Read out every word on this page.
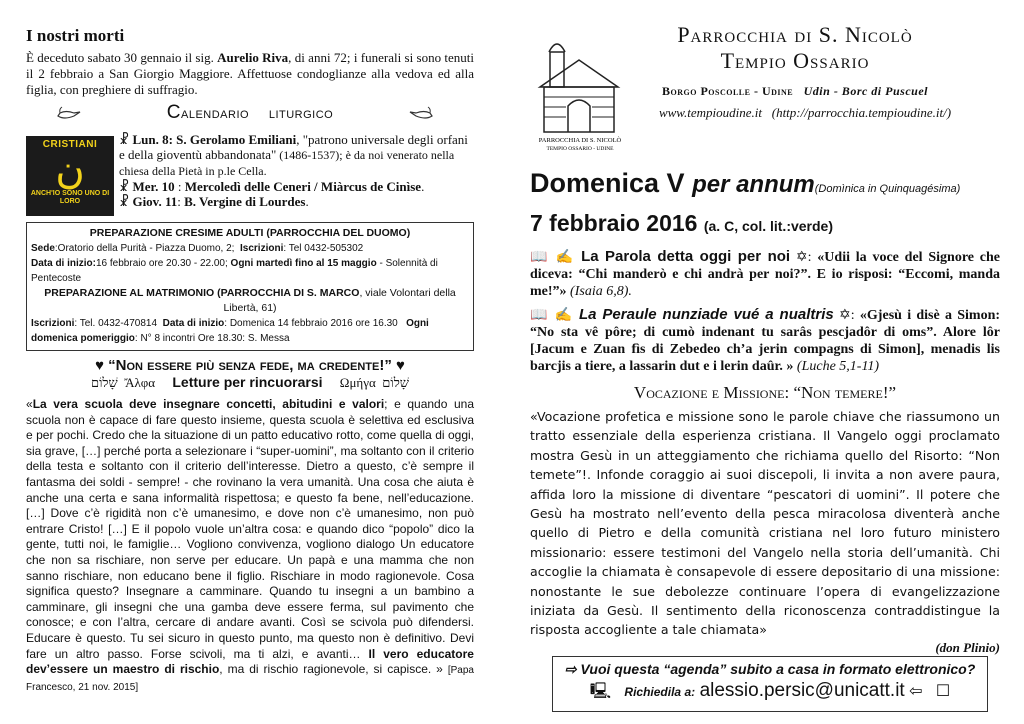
I nostri morti

È deceduto sabato 30 gennaio il sig. Aurelio Riva, di anni 72; i funerali si sono tenuti il 2 febbraio a San Giorgio Maggiore. Affettuose condoglianze alla vedova ed alla figlia, con preghiere di suffragio.

Calendario liturgico
CRISTIANI
ن
ANCH'IO SONO UNO DI LORO

☧ Lun. 8: S. Gerolamo Emiliani, "patrono universale degli orfani e della gioventù abbandonata" (1486-1537); è da noi venerato nella chiesa della Pietà in p.le Cella.

☧ Mer. 10 : Mercoledì delle Ceneri / Miàrcus de Cinìse.

☧ Giov. 11: B. Vergine di Lourdes.

PREPARAZIONE CRESIME ADULTI (PARROCCHIA DEL DUOMO)
Sede:Oratorio della Purità - Piazza Duomo, 2; Iscrizioni: Tel 0432-505302
Data di inizio:16 febbraio ore 20.30 - 22.00; Ogni martedì fino al 15 maggio - Solennità di Pentecoste
PREPARAZIONE AL MATRIMONIO (PARROCCHIA DI S. MARCO, viale Volontari della Libertà, 61)
Iscrizioni: Tel. 0432-470814 Data di inizio: Domenica 14 febbraio 2016 ore 16.30 Ogni domenica pomeriggio: N° 8 incontri Ore 18.30: S. Messa
♥ “Non essere più senza fede, ma credente!” ♥
שָׁלוֹם Ἄλφα Letture per rincuorarsi Ωμήγα שָׁלוֹם
«La vera scuola deve insegnare concetti, abitudini e valori; e quando una scuola non è capace di fare questo insieme, questa scuola è selettiva ed esclusiva e per pochi. Credo che la situazione di un patto educativo rotto, come quella di oggi, sia grave, […] perché porta a selezionare i “super-uomini”, ma soltanto con il criterio della testa e soltanto con il criterio dell’interesse. Dietro a questo, c’è sempre il fantasma dei soldi - sempre! - che rovinano la vera umanità. Una cosa che aiuta è anche una certa e sana informalità rispettosa; e questo fa bene, nell’educazione. […] Dove c’è rigidità non c’è umanesimo, e dove non c’è umanesimo, non può entrare Cristo! […] E il popolo vuole un’altra cosa: e quando dico “popolo” dico la gente, tutti noi, le famiglie… Vogliono convivenza, vogliono dialogo Un educatore che non sa rischiare, non serve per educare. Un papà e una mamma che non sanno rischiare, non educano bene il figlio. Rischiare in modo ragionevole. Cosa significa questo? Insegnare a camminare. Quando tu insegni a un bambino a camminare, gli insegni che una gamba deve essere ferma, sul pavimento che conosce; e con l’altra, cercare di andare avanti. Così se scivola può difendersi. Educare è questo. Tu sei sicuro in questo punto, ma questo non è definitivo. Devi fare un altro passo. Forse scivoli, ma ti alzi, e avanti… Il vero educatore dev’essere un maestro di rischio, ma di rischio ragionevole, si capisce. » [Papa Francesco, 21 nov. 2015]
PARROCCHIA DI S. NICOLÒ
TEMPIO OSSARIO - UDINE
Parrocchia di S. Nicolò
Tempio Ossario
Borgo Poscolle - Udine Udin - Borc di Puscuel
www.tempioudine.it (http://parrocchia.tempioudine.it/)
Domenica V per annum(Domìnica in Quinquagésima)
7 febbraio 2016 (a. C, col. lit.:verde)
📖 ✍ La Parola detta oggi per noi ✡: «Udii la voce del Signore che diceva: “Chi manderò e chi andrà per noi?”. E io risposi: “Eccomi, manda me!”» (Isaia 6,8).
📖 ✍ La Peraule nunziade vué a nualtris ✡: «Gjesù i disè a Simon: “No sta vê pôre; di cumò indenant tu sarâs pescjadôr di oms”. Alore lôr [Jacum e Zuan fìs di Zebedeo ch’a jerin compagns di Simon], menadis lis barcjis a tiere, a lassarin dut e i lerin daûr. » (Luche 5,1-11)
Vocazione e Missione: “Non temere!”
«Vocazione profetica e missione sono le parole chiave che riassumono un tratto essenziale della esperienza cristiana. Il Vangelo oggi proclamato mostra Gesù in un atteggiamento che richiama quello del Risorto: “Non temete”!. Infonde coraggio ai suoi discepoli, li invita a non avere paura, affida loro la missione di diventare “pescatori di uomini”. Il potere che Gesù ha mostrato nell’evento della pesca miracolosa diventerà anche quello di Pietro e della comunità cristiana nel loro futuro ministero missionario: essere testimoni del Vangelo nella storia dell’umanità. Chi accoglie la chiamata è consapevole di essere depositario di una missione: nonostante le sue debolezze continuare l’opera di evangelizzazione iniziata da Gesù. Il sentimento della riconoscenza contraddistingue la risposta accogliente a tale chiamata»
(don Plinio)
⇨ Vuoi questa “agenda” subito a casa in formato elettronico?
🖳 Richiedila a: alessio.persic@unicatt.it ⇦ ☐
